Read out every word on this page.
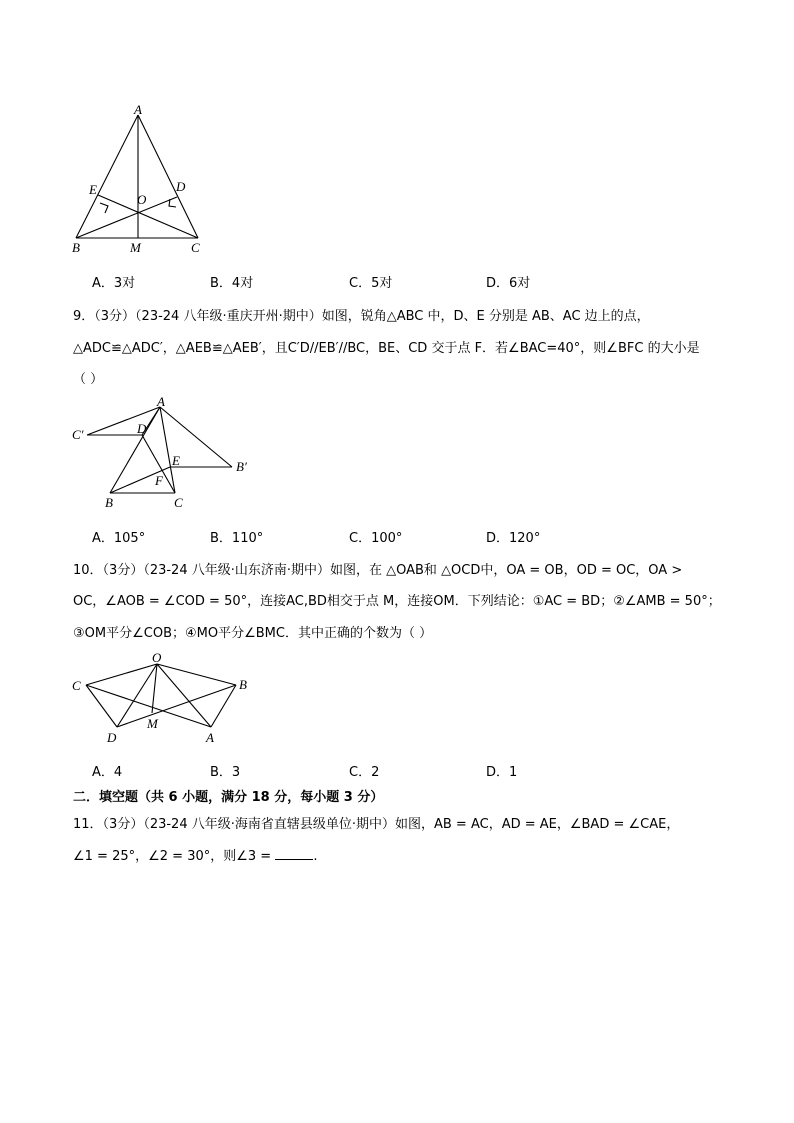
A
E	D
O
B	M	C
A．3对	B．4对	C．5对	D．6对
9．（3分）（23-24 八年级·重庆开州·期中）如图，锐角△ABC 中，D、E 分别是 AB、AC 边上的点，
△ADC≌△ADC′，△AEB≌△AEB′，且C′D//EB′//BC，BE、CD 交于点 F．若∠BAC=40°，则∠BFC 的大小是
（ ）
A
C′	D
E	B′
F
B	C
A．105°	B．110°	C．100°	D．120°
10．（3分）（23-24 八年级·山东济南·期中）如图，在 △OAB和 △OCD中，OA = OB，OD = OC，OA >
OC，∠AOB = ∠COD = 50°，连接AC,BD相交于点 M，连接OM．下列结论：①AC = BD；②∠AMB = 50°；
③OM平分∠COB；④MO平分∠BMC．其中正确的个数为（ ）
O
C	B
M
D	A
A．4	B．3	C．2	D．1
二．填空题（共 6 小题，满分 18 分，每小题 3 分）
11．（3分）（23-24 八年级·海南省直辖县级单位·期中）如图，AB = AC，AD = AE，∠BAD = ∠CAE，
∠1 = 25°，∠2 = 30°，则∠3 =	.
